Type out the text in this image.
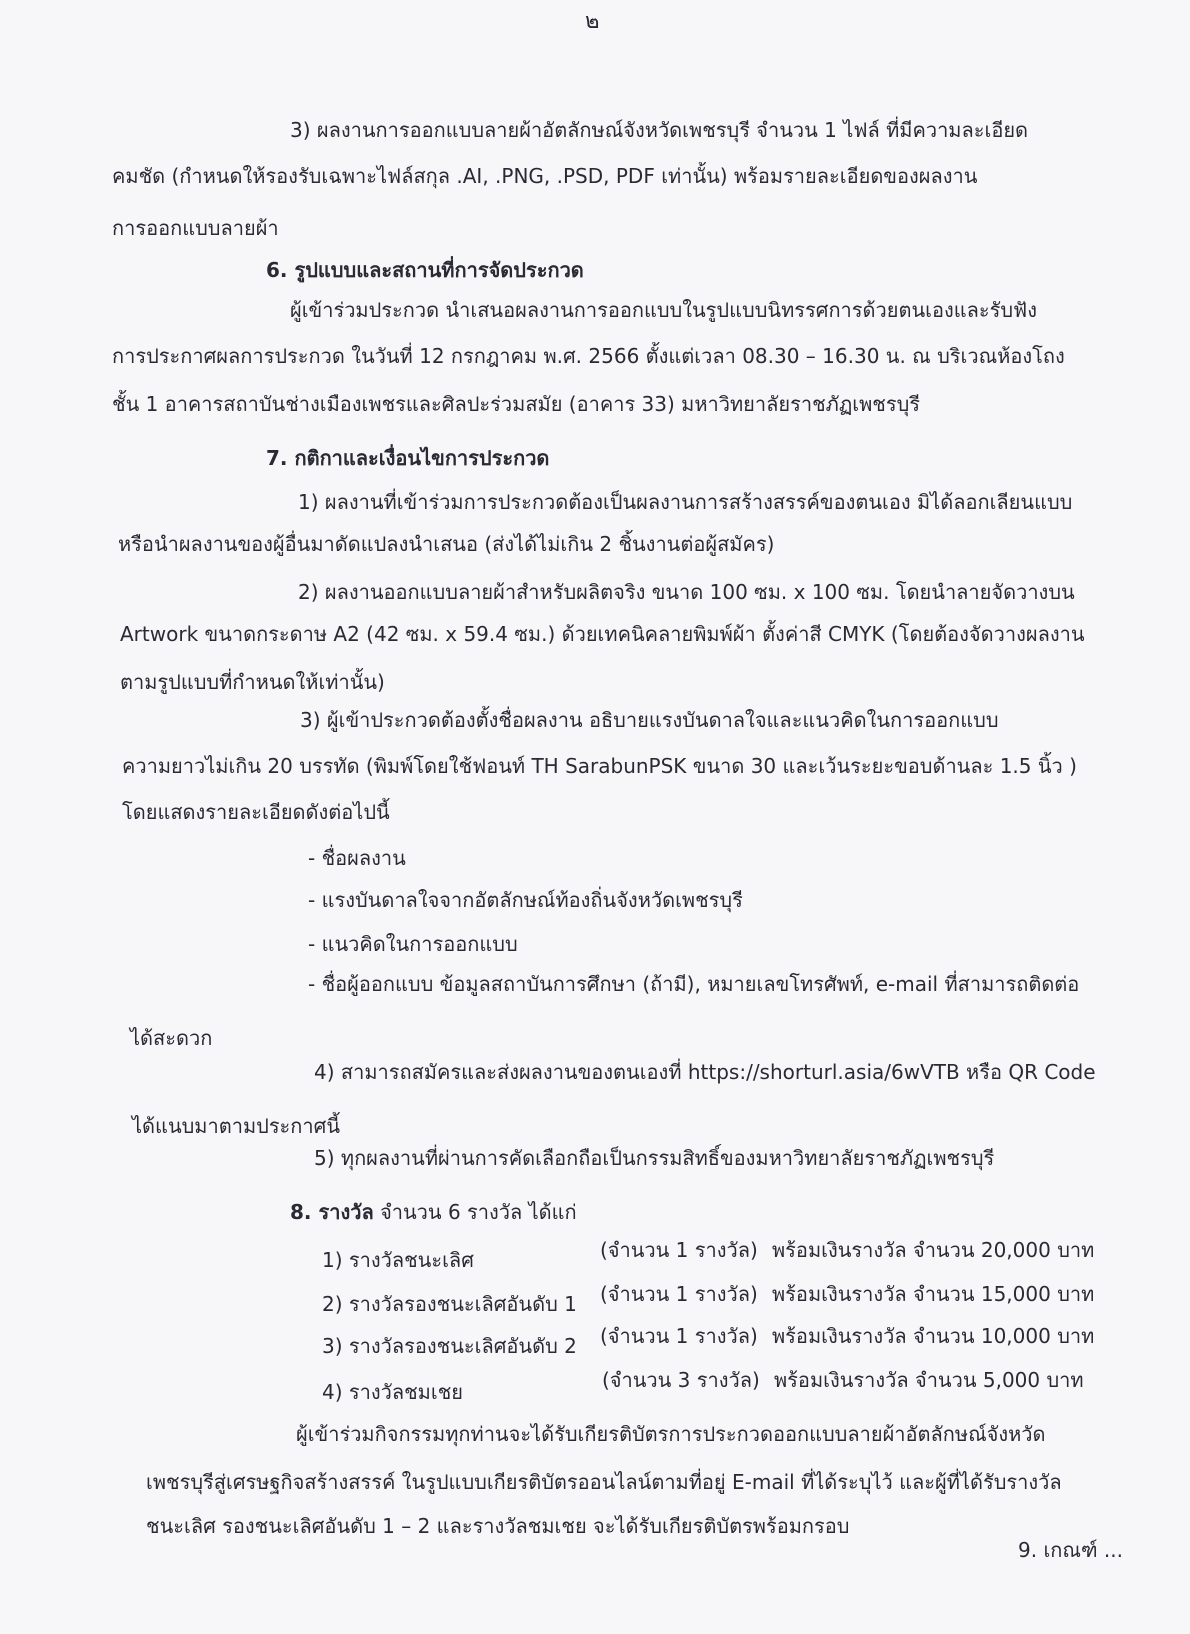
๒
3) ผลงานการออกแบบลายผ้าอัตลักษณ์จังหวัดเพชรบุรี จำนวน 1 ไฟล์ ที่มีความละเอียด
คมชัด (กำหนดให้รองรับเฉพาะไฟล์สกุล .AI, .PNG, .PSD, PDF เท่านั้น) พร้อมรายละเอียดของผลงาน
การออกแบบลายผ้า
6. รูปแบบและสถานที่การจัดประกวด
ผู้เข้าร่วมประกวด นำเสนอผลงานการออกแบบในรูปแบบนิทรรศการด้วยตนเองและรับฟัง
การประกาศผลการประกวด ในวันที่ 12 กรกฎาคม พ.ศ. 2566 ตั้งแต่เวลา 08.30 – 16.30 น. ณ บริเวณห้องโถง
ชั้น 1 อาคารสถาบันช่างเมืองเพชรและศิลปะร่วมสมัย (อาคาร 33) มหาวิทยาลัยราชภัฏเพชรบุรี
7. กติกาและเงื่อนไขการประกวด
1) ผลงานที่เข้าร่วมการประกวดต้องเป็นผลงานการสร้างสรรค์ของตนเอง มิได้ลอกเลียนแบบ
หรือนำผลงานของผู้อื่นมาดัดแปลงนำเสนอ (ส่งได้ไม่เกิน 2 ชิ้นงานต่อผู้สมัคร)
2) ผลงานออกแบบลายผ้าสำหรับผลิตจริง ขนาด 100 ซม. x 100 ซม. โดยนำลายจัดวางบน
Artwork ขนาดกระดาษ A2 (42 ซม. x 59.4 ซม.) ด้วยเทคนิคลายพิมพ์ผ้า ตั้งค่าสี CMYK (โดยต้องจัดวางผลงาน
ตามรูปแบบที่กำหนดให้เท่านั้น)
3) ผู้เข้าประกวดต้องตั้งชื่อผลงาน อธิบายแรงบันดาลใจและแนวคิดในการออกแบบ
ความยาวไม่เกิน 20 บรรทัด (พิมพ์โดยใช้ฟอนท์ TH SarabunPSK ขนาด 30 และเว้นระยะขอบด้านละ 1.5 นิ้ว )
โดยแสดงรายละเอียดดังต่อไปนี้
- ชื่อผลงาน
- แรงบันดาลใจจากอัตลักษณ์ท้องถิ่นจังหวัดเพชรบุรี
- แนวคิดในการออกแบบ
- ชื่อผู้ออกแบบ ข้อมูลสถาบันการศึกษา (ถ้ามี), หมายเลขโทรศัพท์, e-mail ที่สามารถติดต่อ
ได้สะดวก
4) สามารถสมัครและส่งผลงานของตนเองที่ https://shorturl.asia/6wVTB หรือ QR Code
ได้แนบมาตามประกาศนี้
5) ทุกผลงานที่ผ่านการคัดเลือกถือเป็นกรรมสิทธิ์ของมหาวิทยาลัยราชภัฏเพชรบุรี
8. รางวัล จำนวน 6 รางวัล ได้แก่
1) รางวัลชนะเลิศ	(จำนวน 1 รางวัล) พร้อมเงินรางวัล จำนวน 20,000 บาท
2) รางวัลรองชนะเลิศอันดับ 1 (จำนวน 1 รางวัล) พร้อมเงินรางวัล จำนวน 15,000 บาท
3) รางวัลรองชนะเลิศอันดับ 2 (จำนวน 1 รางวัล) พร้อมเงินรางวัล จำนวน 10,000 บาท
4) รางวัลชมเชย	(จำนวน 3 รางวัล) พร้อมเงินรางวัล จำนวน 5,000 บาท
ผู้เข้าร่วมกิจกรรมทุกท่านจะได้รับเกียรติบัตรการประกวดออกแบบลายผ้าอัตลักษณ์จังหวัด
เพชรบุรีสู่เศรษฐกิจสร้างสรรค์ ในรูปแบบเกียรติบัตรออนไลน์ตามที่อยู่ E-mail ที่ได้ระบุไว้ และผู้ที่ได้รับรางวัล
ชนะเลิศ รองชนะเลิศอันดับ 1 – 2 และรางวัลชมเชย จะได้รับเกียรติบัตรพร้อมกรอบ
9. เกณฑ์ ...
